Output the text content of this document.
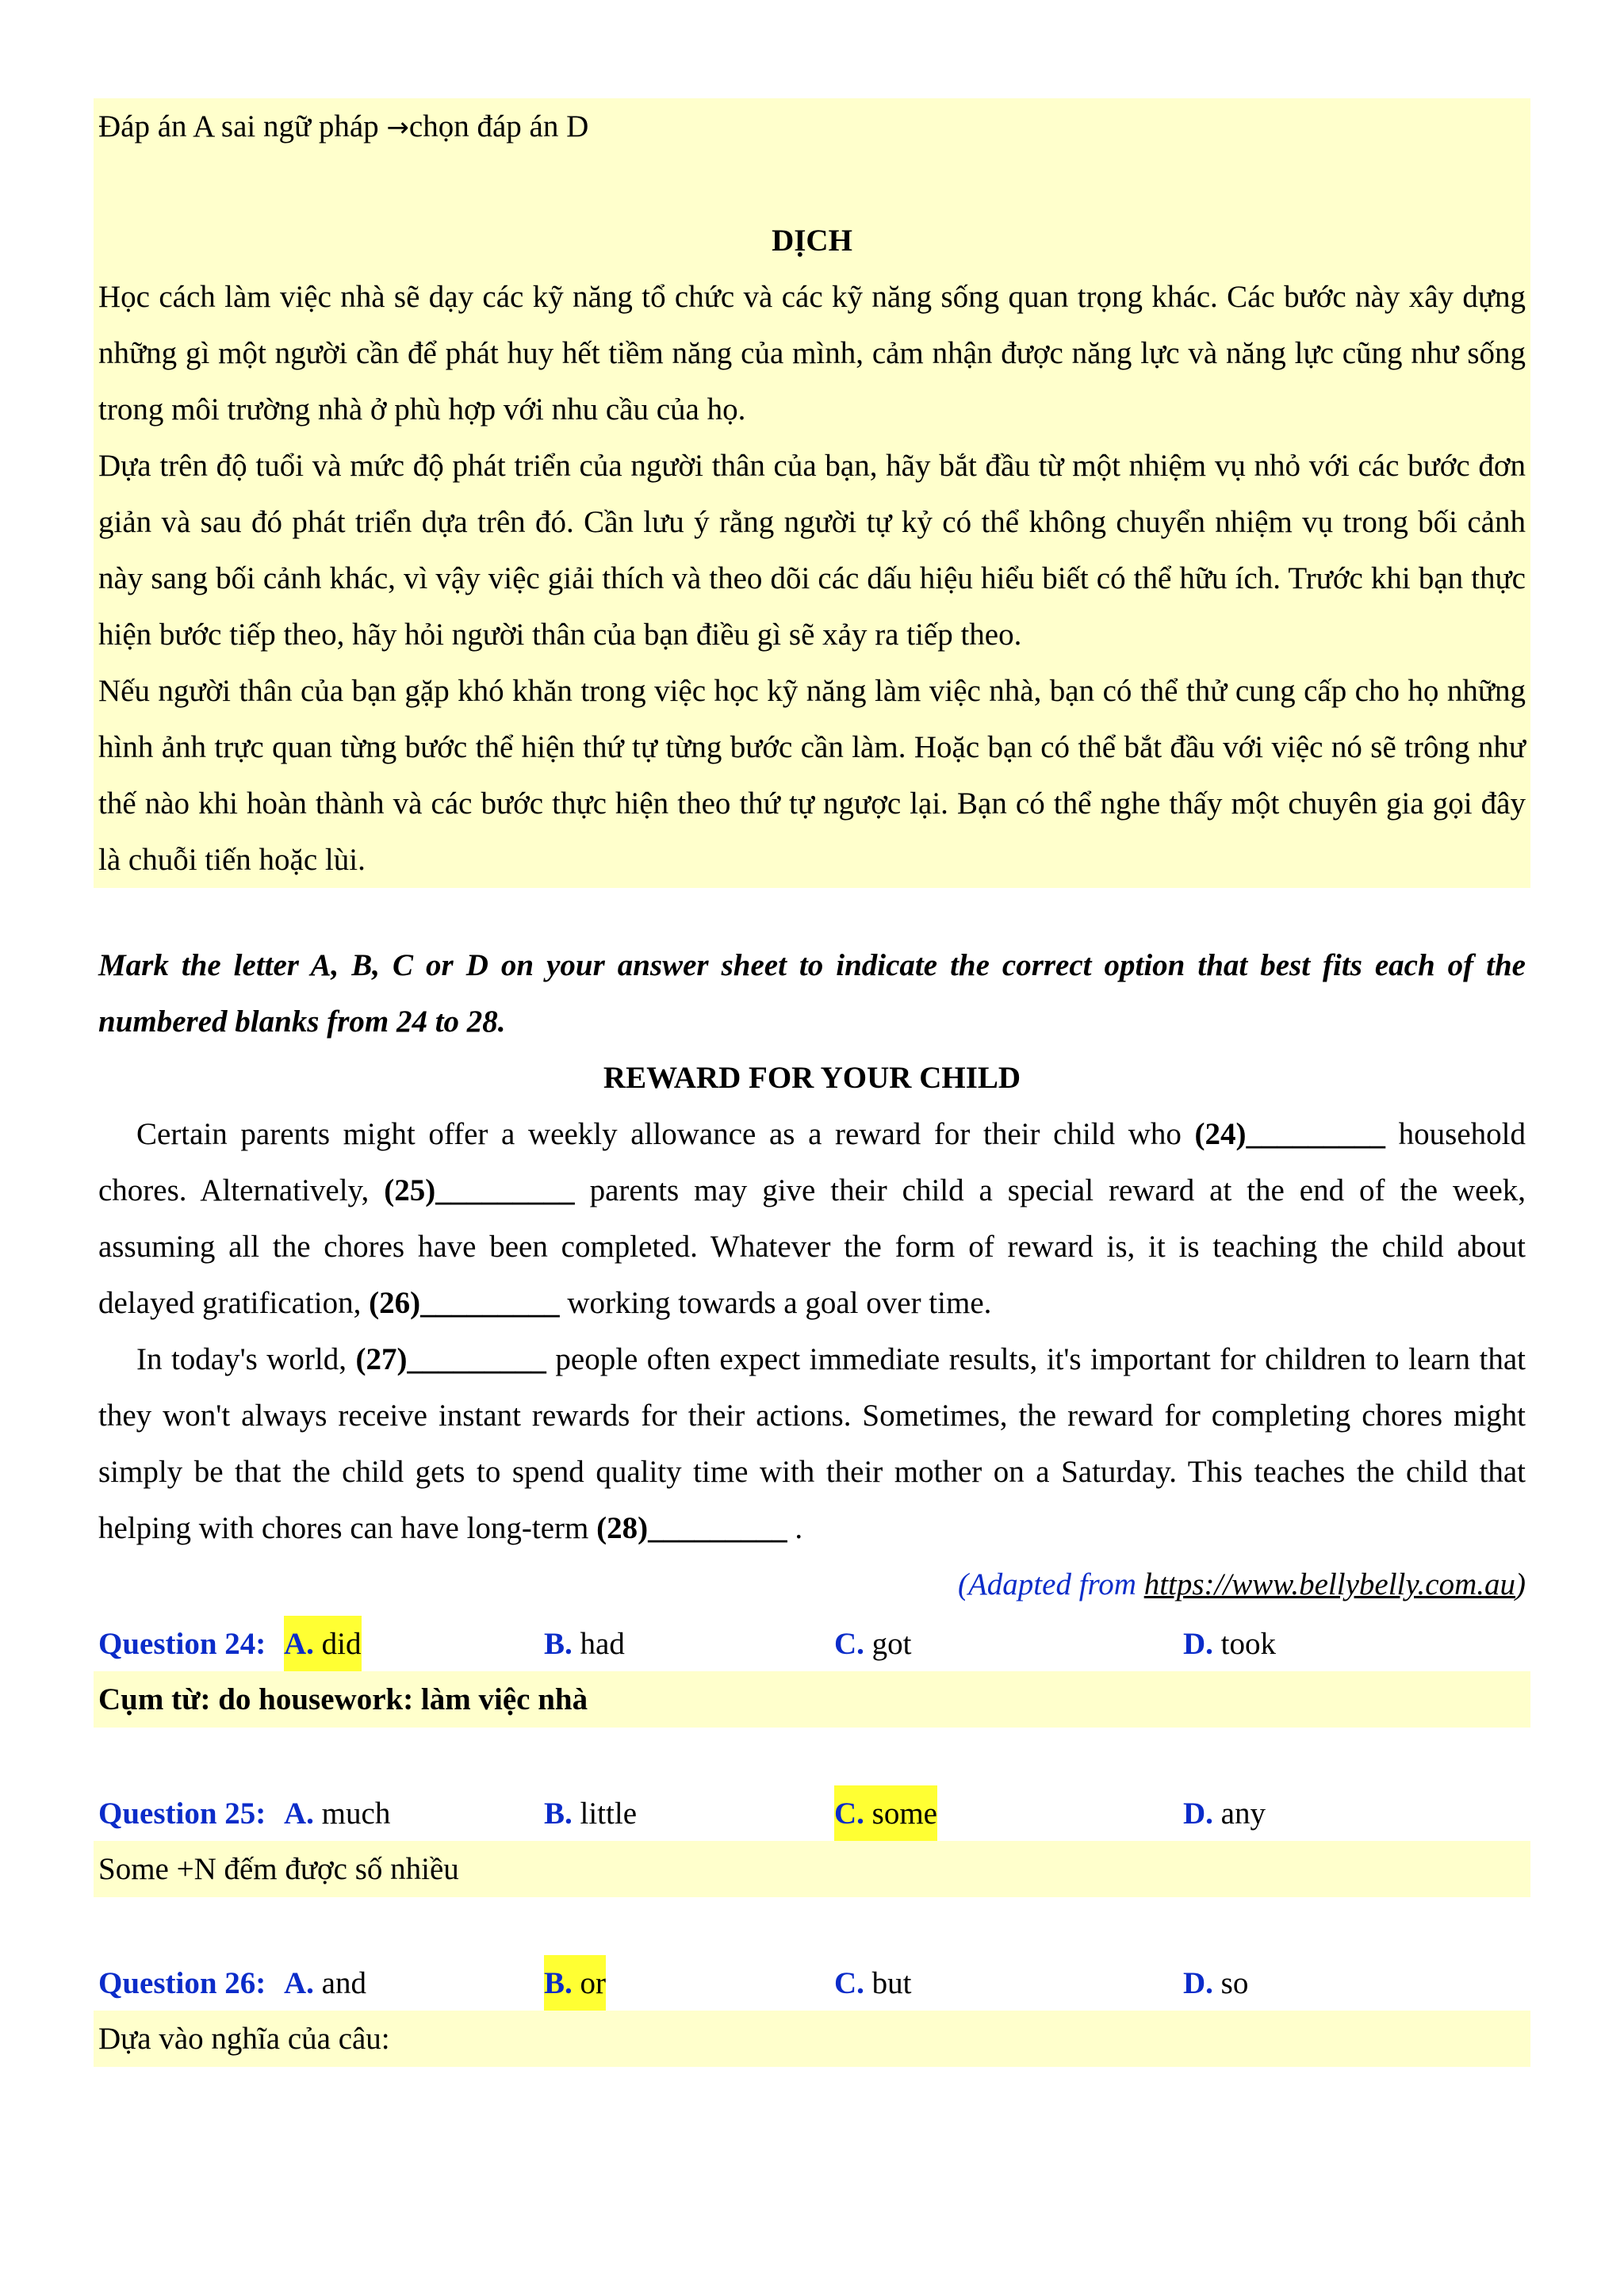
Đáp án A sai ngữ pháp →chọn đáp án D
DỊCH
Học cách làm việc nhà sẽ dạy các kỹ năng tổ chức và các kỹ năng sống quan trọng khác. Các bước này xây dựng những gì một người cần để phát huy hết tiềm năng của mình, cảm nhận được năng lực và năng lực cũng như sống trong môi trường nhà ở phù hợp với nhu cầu của họ.
Dựa trên độ tuổi và mức độ phát triển của người thân của bạn, hãy bắt đầu từ một nhiệm vụ nhỏ với các bước đơn giản và sau đó phát triển dựa trên đó. Cần lưu ý rằng người tự kỷ có thể không chuyển nhiệm vụ trong bối cảnh này sang bối cảnh khác, vì vậy việc giải thích và theo dõi các dấu hiệu hiểu biết có thể hữu ích. Trước khi bạn thực hiện bước tiếp theo, hãy hỏi người thân của bạn điều gì sẽ xảy ra tiếp theo.
Nếu người thân của bạn gặp khó khăn trong việc học kỹ năng làm việc nhà, bạn có thể thử cung cấp cho họ những hình ảnh trực quan từng bước thể hiện thứ tự từng bước cần làm. Hoặc bạn có thể bắt đầu với việc nó sẽ trông như thế nào khi hoàn thành và các bước thực hiện theo thứ tự ngược lại. Bạn có thể nghe thấy một chuyên gia gọi đây là chuỗi tiến hoặc lùi.
Mark the letter A, B, C or D on your answer sheet to indicate the correct option that best fits each of the numbered blanks from 24 to 28.
REWARD FOR YOUR CHILD
Certain parents might offer a weekly allowance as a reward for their child who (24)_________ household chores. Alternatively, (25)_________ parents may give their child a special reward at the end of the week, assuming all the chores have been completed. Whatever the form of reward is, it is teaching the child about delayed gratification, (26)_________ working towards a goal over time.
In today's world, (27)_________ people often expect immediate results, it's important for children to learn that they won't always receive instant rewards for their actions. Sometimes, the reward for completing chores might simply be that the child gets to spend quality time with their mother on a Saturday. This teaches the child that helping with chores can have long-term (28)_________ .
(Adapted from https://www.bellybelly.com.au)
Question 24: A. did	B. had	C. got	D. took
Cụm từ: do housework: làm việc nhà
Question 25: A. much	B. little	C. some	D. any
Some +N đếm được số nhiều
Question 26: A. and	B. or	C. but	D. so
Dựa vào nghĩa của câu:
